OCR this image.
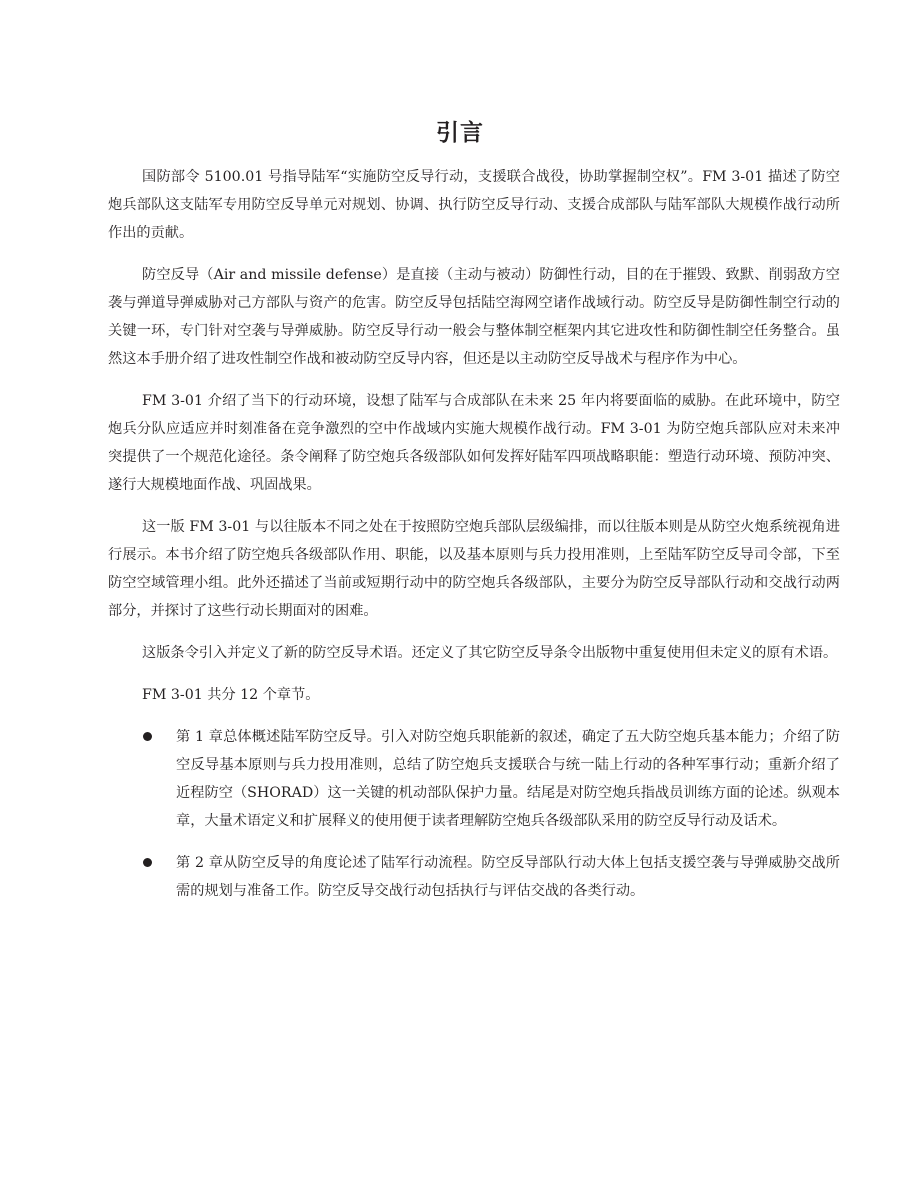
引言

国防部令 5100.01 号指导陆军“实施防空反导行动，支援联合战役，协助掌握制空权”。FM 3-01 描述了防空炮兵部队这支陆军专用防空反导单元对规划、协调、执行防空反导行动、支援合成部队与陆军部队大规模作战行动所作出的贡献。

防空反导（Air and missile defense）是直接（主动与被动）防御性行动，目的在于摧毁、致默、削弱敌方空袭与弹道导弹威胁对己方部队与资产的危害。防空反导包括陆空海网空诸作战域行动。防空反导是防御性制空行动的关键一环，专门针对空袭与导弹威胁。防空反导行动一般会与整体制空框架内其它进攻性和防御性制空任务整合。虽然这本手册介绍了进攻性制空作战和被动防空反导内容，但还是以主动防空反导战术与程序作为中心。

FM 3-01 介绍了当下的行动环境，设想了陆军与合成部队在未来 25 年内将要面临的威胁。在此环境中，防空炮兵分队应适应并时刻准备在竞争激烈的空中作战域内实施大规模作战行动。FM 3-01 为防空炮兵部队应对未来冲突提供了一个规范化途径。条令阐释了防空炮兵各级部队如何发挥好陆军四项战略职能：塑造行动环境、预防冲突、遂行大规模地面作战、巩固战果。

这一版 FM 3-01 与以往版本不同之处在于按照防空炮兵部队层级编排，而以往版本则是从防空火炮系统视角进行展示。本书介绍了防空炮兵各级部队作用、职能，以及基本原则与兵力投用准则，上至陆军防空反导司令部，下至防空空域管理小组。此外还描述了当前或短期行动中的防空炮兵各级部队，主要分为防空反导部队行动和交战行动两部分，并探讨了这些行动长期面对的困难。

这版条令引入并定义了新的防空反导术语。还定义了其它防空反导条令出版物中重复使用但未定义的原有术语。

FM 3-01 共分 12 个章节。

第 1 章总体概述陆军防空反导。引入对防空炮兵职能新的叙述，确定了五大防空炮兵基本能力；介绍了防空反导基本原则与兵力投用准则，总结了防空炮兵支援联合与统一陆上行动的各种军事行动；重新介绍了近程防空（SHORAD）这一关键的机动部队保护力量。结尾是对防空炮兵指战员训练方面的论述。纵观本章，大量术语定义和扩展释义的使用便于读者理解防空炮兵各级部队采用的防空反导行动及话术。
第 2 章从防空反导的角度论述了陆军行动流程。防空反导部队行动大体上包括支援空袭与导弹威胁交战所需的规划与准备工作。防空反导交战行动包括执行与评估交战的各类行动。
